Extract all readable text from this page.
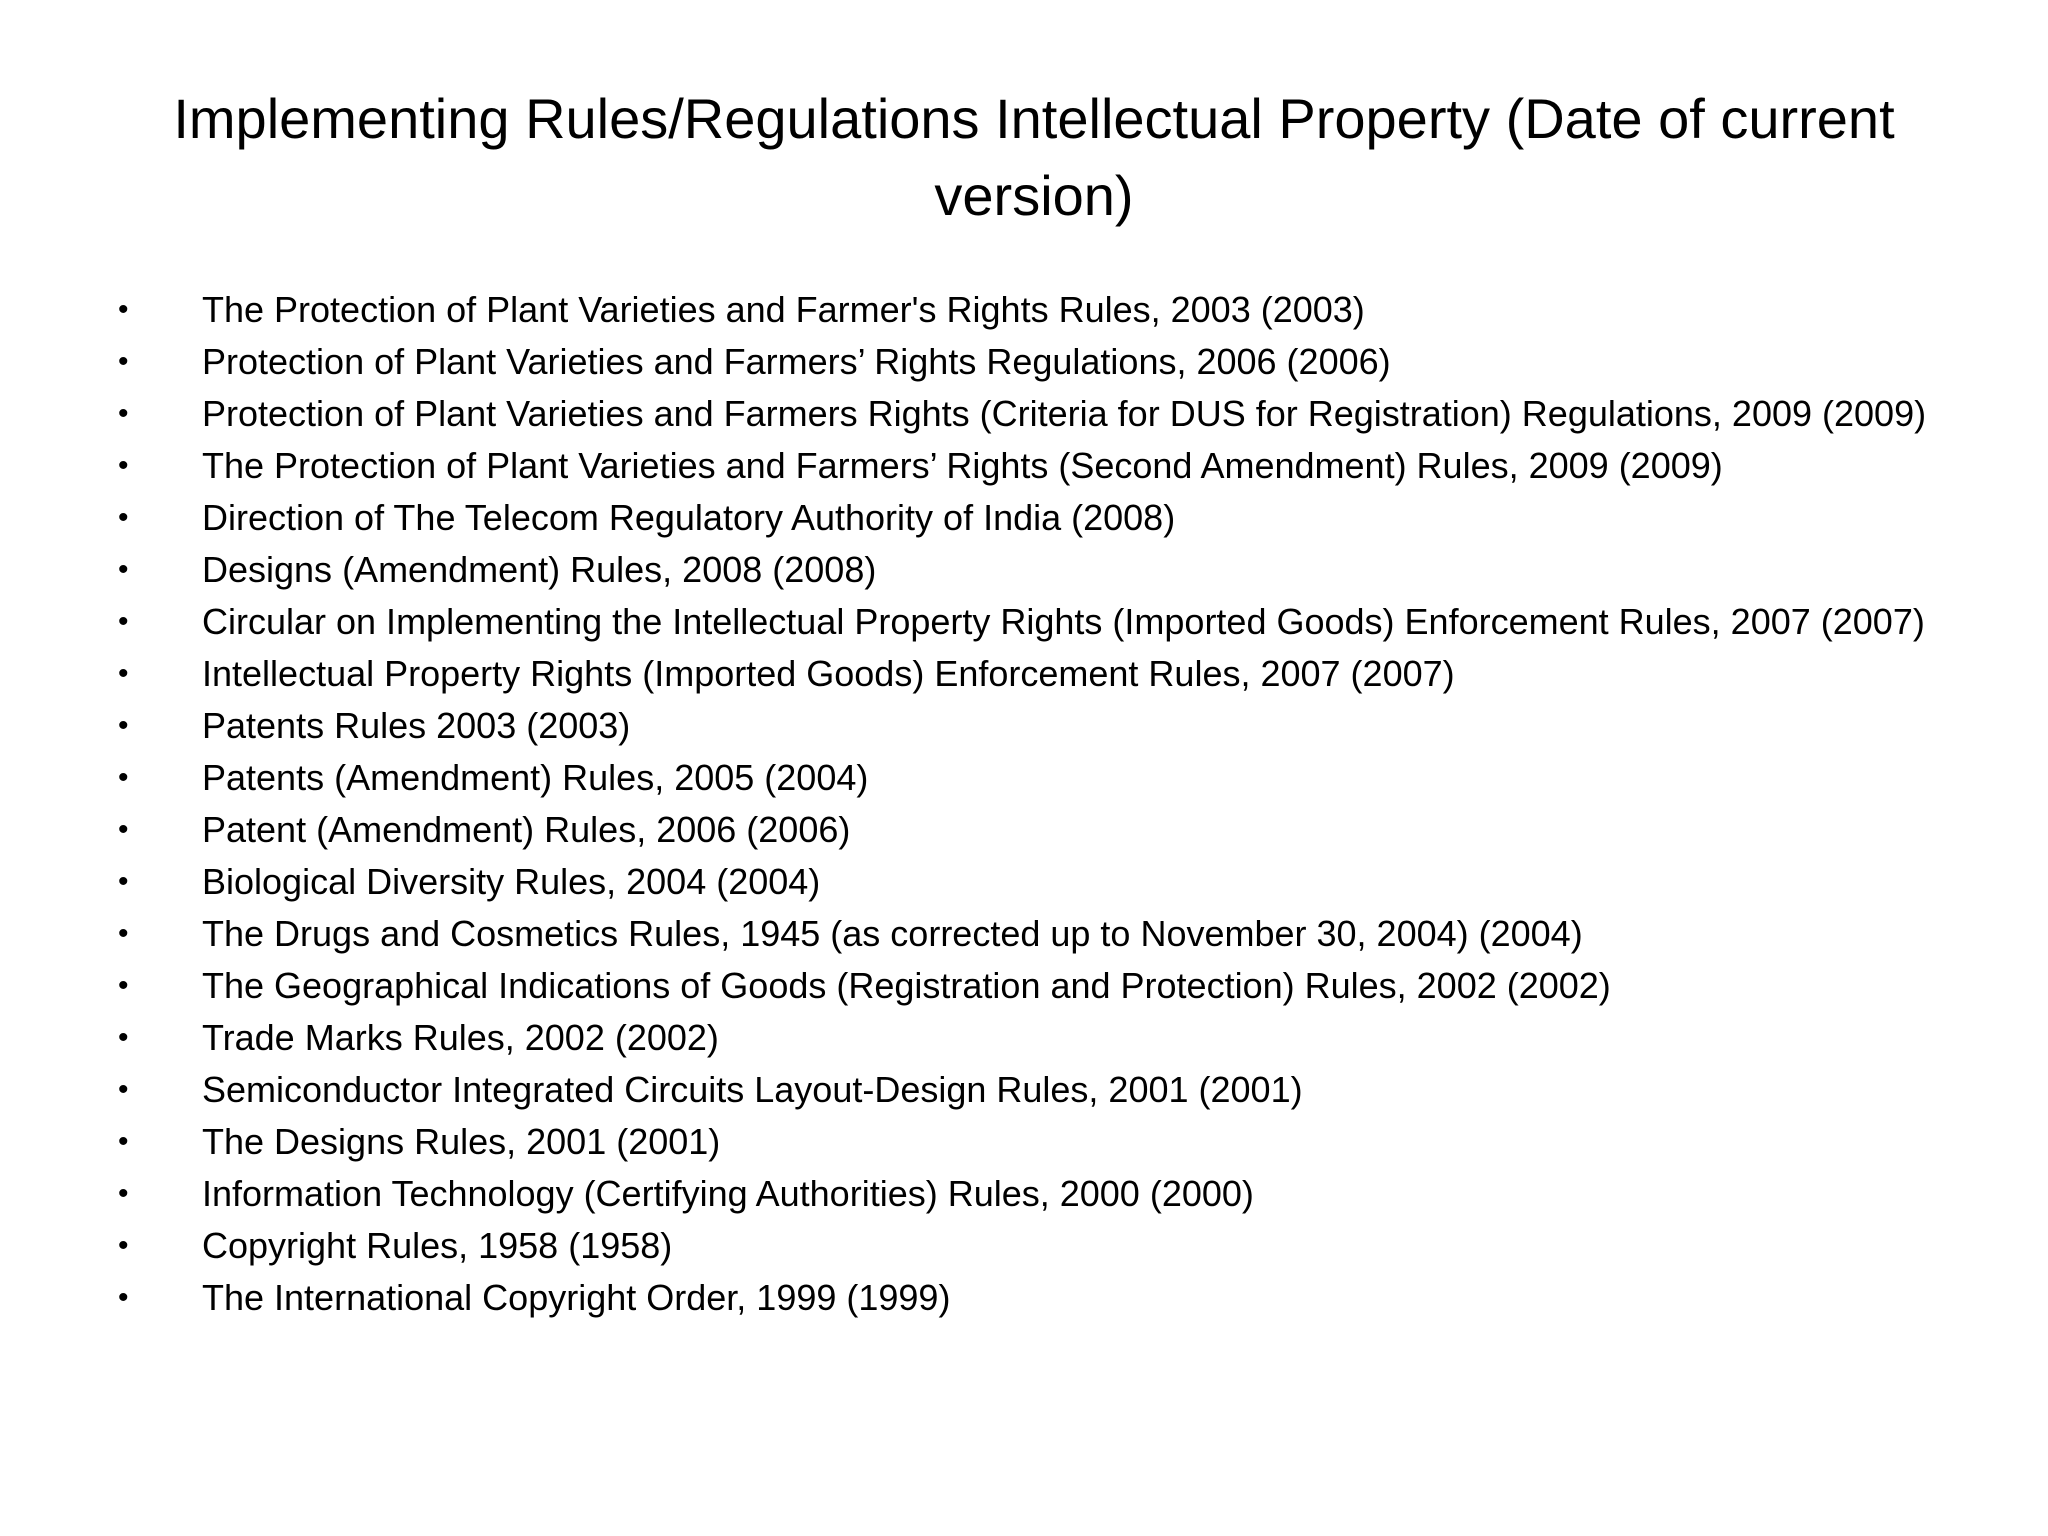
Implementing Rules/Regulations Intellectual Property (Date of current version)
•	The Protection of Plant Varieties and Farmer's Rights Rules, 2003 (2003)
•	Protection of Plant Varieties and Farmers’ Rights Regulations, 2006 (2006)
•	Protection of Plant Varieties and Farmers Rights (Criteria for DUS for Registration) Regulations, 2009 (2009)
•	The Protection of Plant Varieties and Farmers’ Rights (Second Amendment) Rules, 2009 (2009)
•	Direction of The Telecom Regulatory Authority of India (2008)
•	Designs (Amendment) Rules, 2008 (2008)
•	Circular on Implementing the Intellectual Property Rights (Imported Goods) Enforcement Rules, 2007 (2007)
•	Intellectual Property Rights (Imported Goods) Enforcement Rules, 2007 (2007)
•	Patents Rules 2003 (2003)
•	Patents (Amendment) Rules, 2005 (2004)
•	Patent (Amendment) Rules, 2006 (2006)
•	Biological Diversity Rules, 2004 (2004)
•	The Drugs and Cosmetics Rules, 1945 (as corrected up to November 30, 2004) (2004)
•	The Geographical Indications of Goods (Registration and Protection) Rules, 2002 (2002)
•	Trade Marks Rules, 2002 (2002)
•	Semiconductor Integrated Circuits Layout-Design Rules, 2001 (2001)
•	The Designs Rules, 2001 (2001)
•	Information Technology (Certifying Authorities) Rules, 2000 (2000)
•	Copyright Rules, 1958 (1958)
•	The International Copyright Order, 1999 (1999)
